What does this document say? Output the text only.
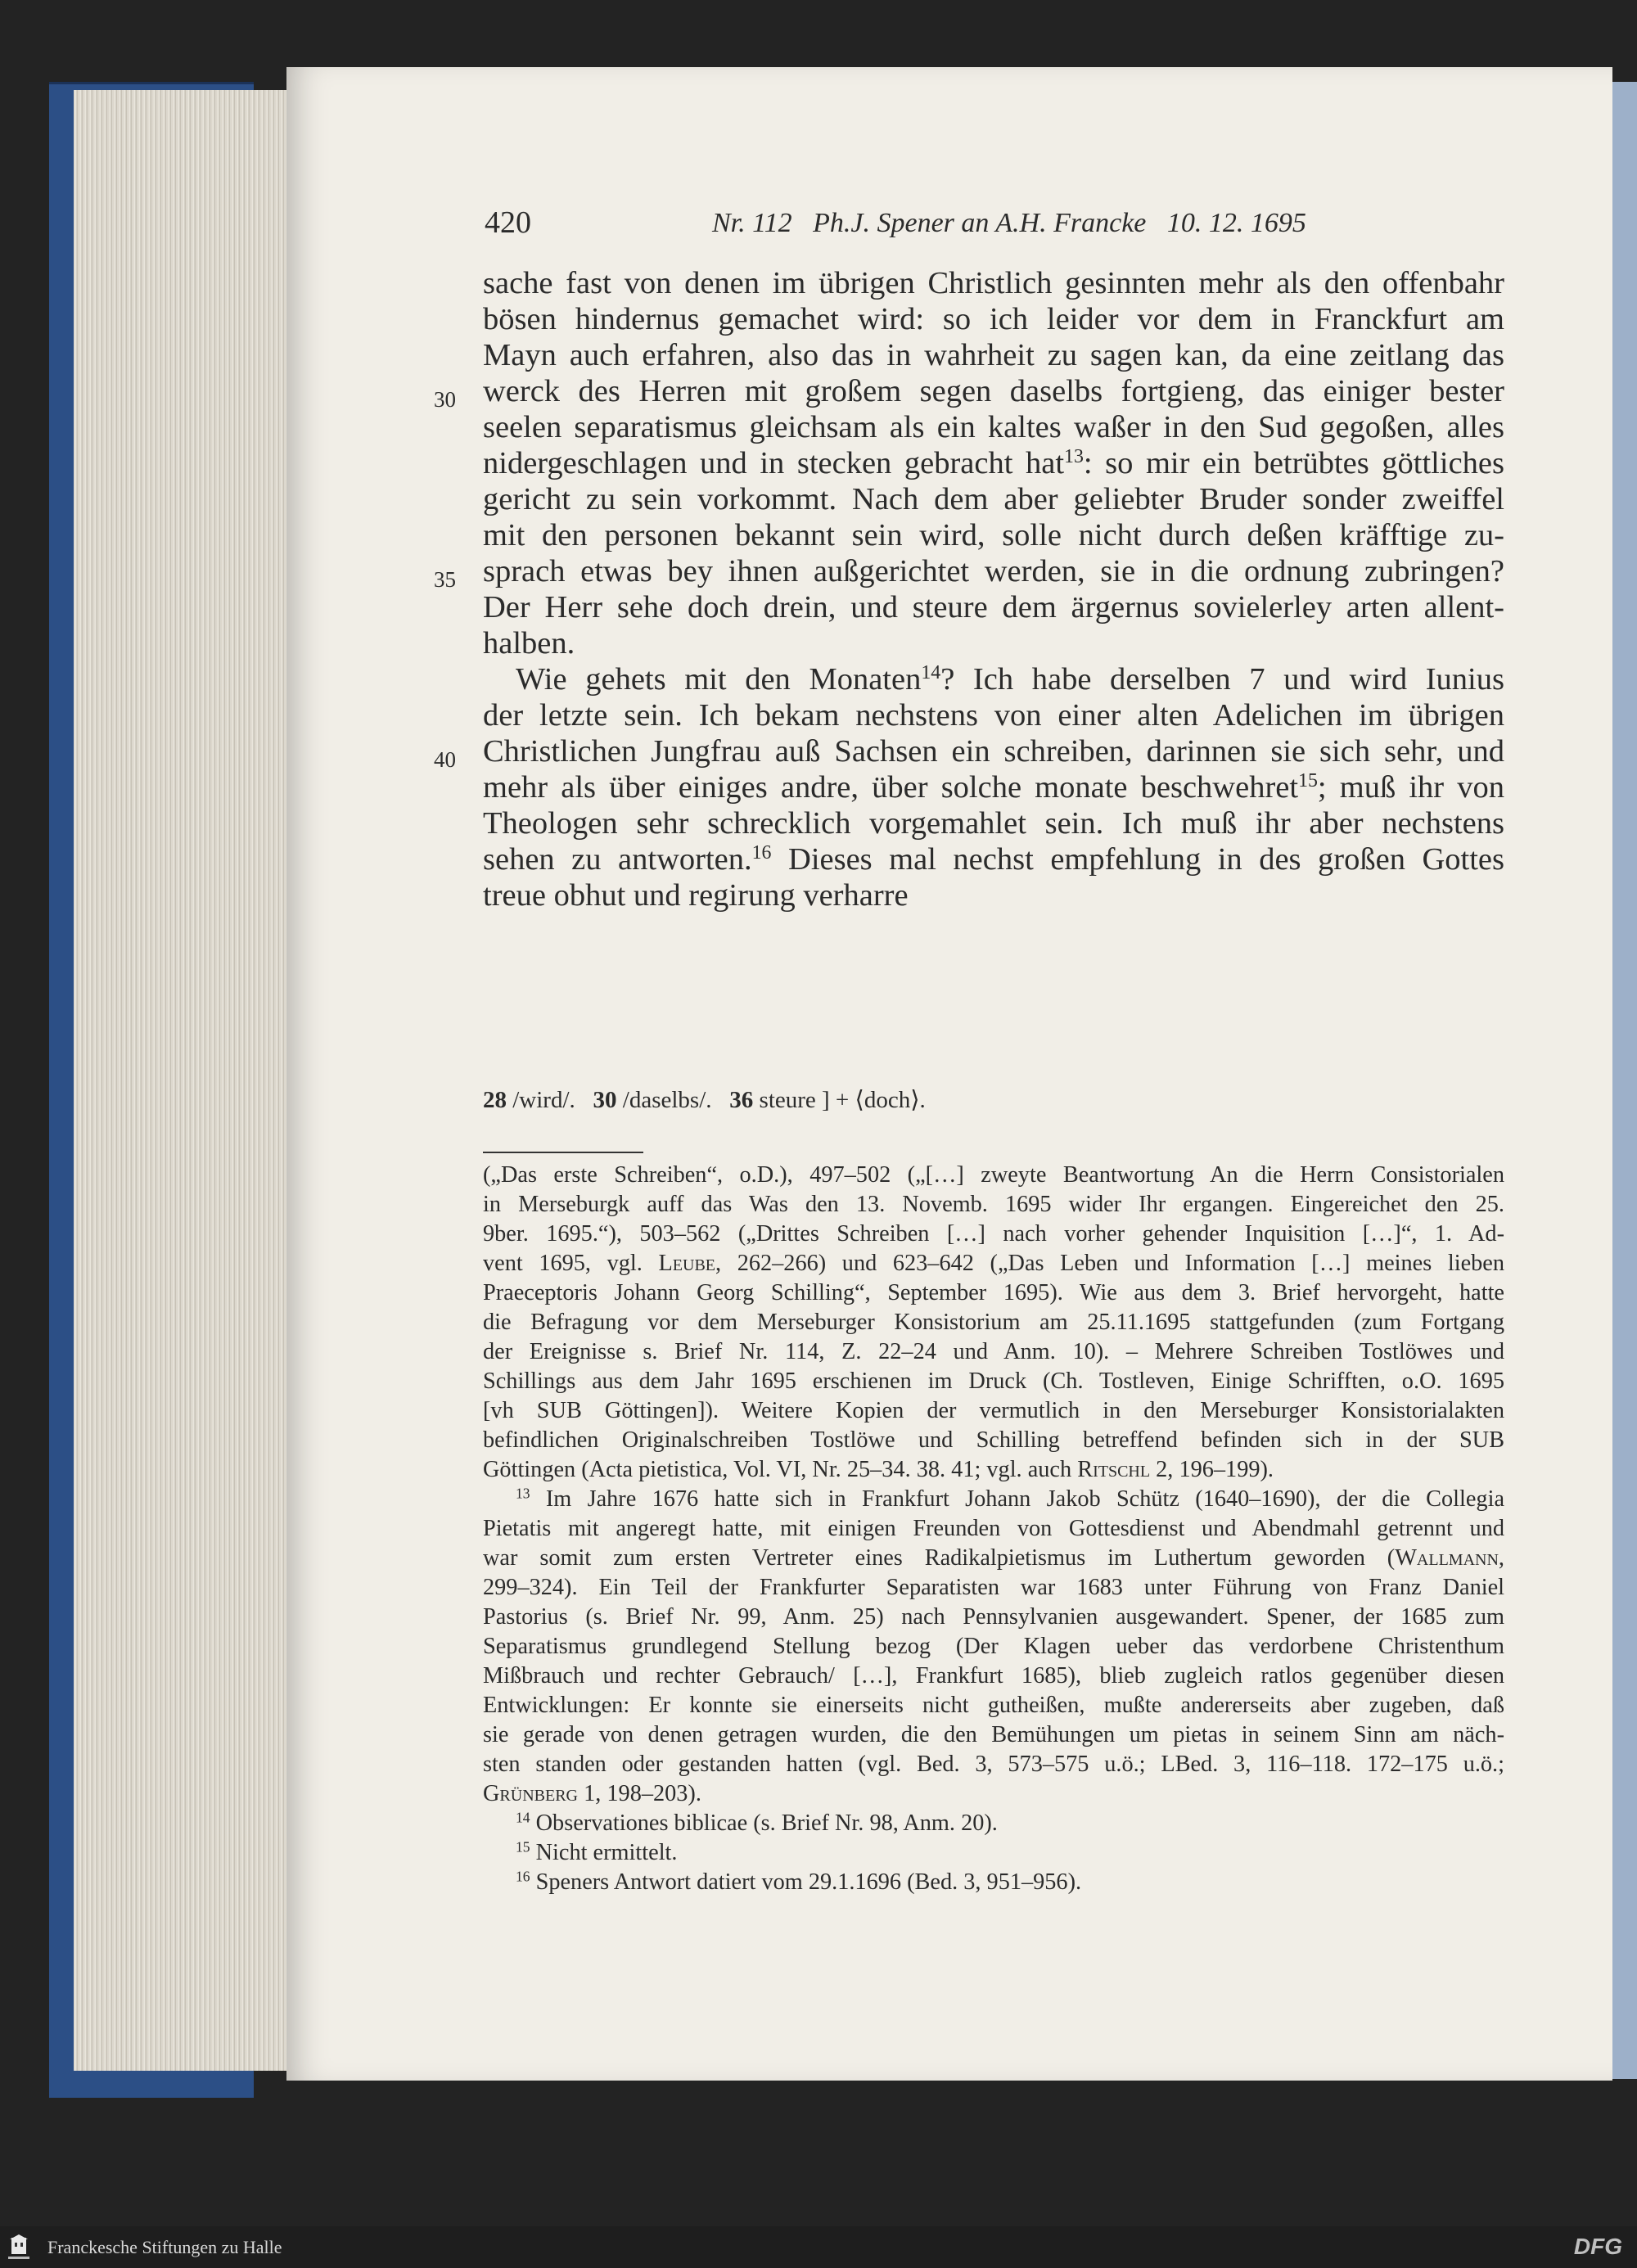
420	Nr. 112   Ph.J. Spener an A.H. Francke   10. 12. 1695
sache fast von denen im übrigen Christlich gesinnten mehr als den offenbahr
bösen hindernus gemachet wird: so ich leider vor dem in Franckfurt am
Mayn auch erfahren, also das in wahrheit zu sagen kan, da eine zeitlang das
werck des Herren mit großem segen daselbs fortgieng, das einiger bester
seelen separatismus gleichsam als ein kaltes waßer in den Sud gegoßen, alles
nidergeschlagen und in stecken gebracht hat$^{13}$: so mir ein betrübtes göttliches
gericht zu sein vorkommt. Nach dem aber geliebter Bruder sonder zweiffel
mit den personen bekannt sein wird, solle nicht durch deßen kräfftige zu-
sprach etwas bey ihnen außgerichtet werden, sie in die ordnung zubringen?
Der Herr sehe doch drein, und steure dem ärgernus sovielerley arten allent-
halben.
Wie gehets mit den Monaten$^{14}$? Ich habe derselben 7 und wird Iunius
der letzte sein. Ich bekam nechstens von einer alten Adelichen im übrigen
Christlichen Jungfrau auß Sachsen ein schreiben, darinnen sie sich sehr, und
mehr als über einiges andre, über solche monate beschwehret$^{15}$; muß ihr von
Theologen sehr schrecklich vorgemahlet sein. Ich muß ihr aber nechstens
sehen zu antworten.$^{16}$ Dieses mal nechst empfehlung in des großen Gottes
treue obhut und regirung verharre
30
35
40
28 /wird/. 30 /daselbs/. 36 steure ] + ⟨doch⟩.
(„Das erste Schreiben“, o.D.), 497–502 („[…] zweyte Beantwortung An die Herrn Consistorialen
in Merseburgk auff das Was den 13. Novemb. 1695 wider Ihr ergangen. Eingereichet den 25.
9ber. 1695.“), 503–562 („Drittes Schreiben […] nach vorher gehender Inquisition […]“, 1. Ad-
vent 1695, vgl. Leube, 262–266) und 623–642 („Das Leben und Information […] meines lieben
Praeceptoris Johann Georg Schilling“, September 1695). Wie aus dem 3. Brief hervorgeht, hatte
die Befragung vor dem Merseburger Konsistorium am 25.11.1695 stattgefunden (zum Fortgang
der Ereignisse s. Brief Nr. 114, Z. 22–24 und Anm. 10). – Mehrere Schreiben Tostlöwes und
Schillings aus dem Jahr 1695 erschienen im Druck (Ch. Tostleven, Einige Schrifften, o.O. 1695
[vh SUB Göttingen]). Weitere Kopien der vermutlich in den Merseburger Konsistorialakten
befindlichen Originalschreiben Tostlöwe und Schilling betreffend befinden sich in der SUB
Göttingen (Acta pietistica, Vol. VI, Nr. 25–34. 38. 41; vgl. auch Ritschl 2, 196–199).
$^{13}$ Im Jahre 1676 hatte sich in Frankfurt Johann Jakob Schütz (1640–1690), der die Collegia
Pietatis mit angeregt hatte, mit einigen Freunden von Gottesdienst und Abendmahl getrennt und
war somit zum ersten Vertreter eines Radikalpietismus im Luthertum geworden (Wallmann,
299–324). Ein Teil der Frankfurter Separatisten war 1683 unter Führung von Franz Daniel
Pastorius (s. Brief Nr. 99, Anm. 25) nach Pennsylvanien ausgewandert. Spener, der 1685 zum
Separatismus grundlegend Stellung bezog (Der Klagen ueber das verdorbene Christenthum
Mißbrauch und rechter Gebrauch/ […], Frankfurt 1685), blieb zugleich ratlos gegenüber diesen
Entwicklungen: Er konnte sie einerseits nicht gutheißen, mußte andererseits aber zugeben, daß
sie gerade von denen getragen wurden, die den Bemühungen um pietas in seinem Sinn am näch-
sten standen oder gestanden hatten (vgl. Bed. 3, 573–575 u.ö.; LBed. 3, 116–118. 172–175 u.ö.;
Grünberg 1, 198–203).
$^{14}$ Observationes biblicae (s. Brief Nr. 98, Anm. 20).
$^{15}$ Nicht ermittelt.
$^{16}$ Speners Antwort datiert vom 29.1.1696 (Bed. 3, 951–956).
Franckesche Stiftungen zu Halle	DFG
